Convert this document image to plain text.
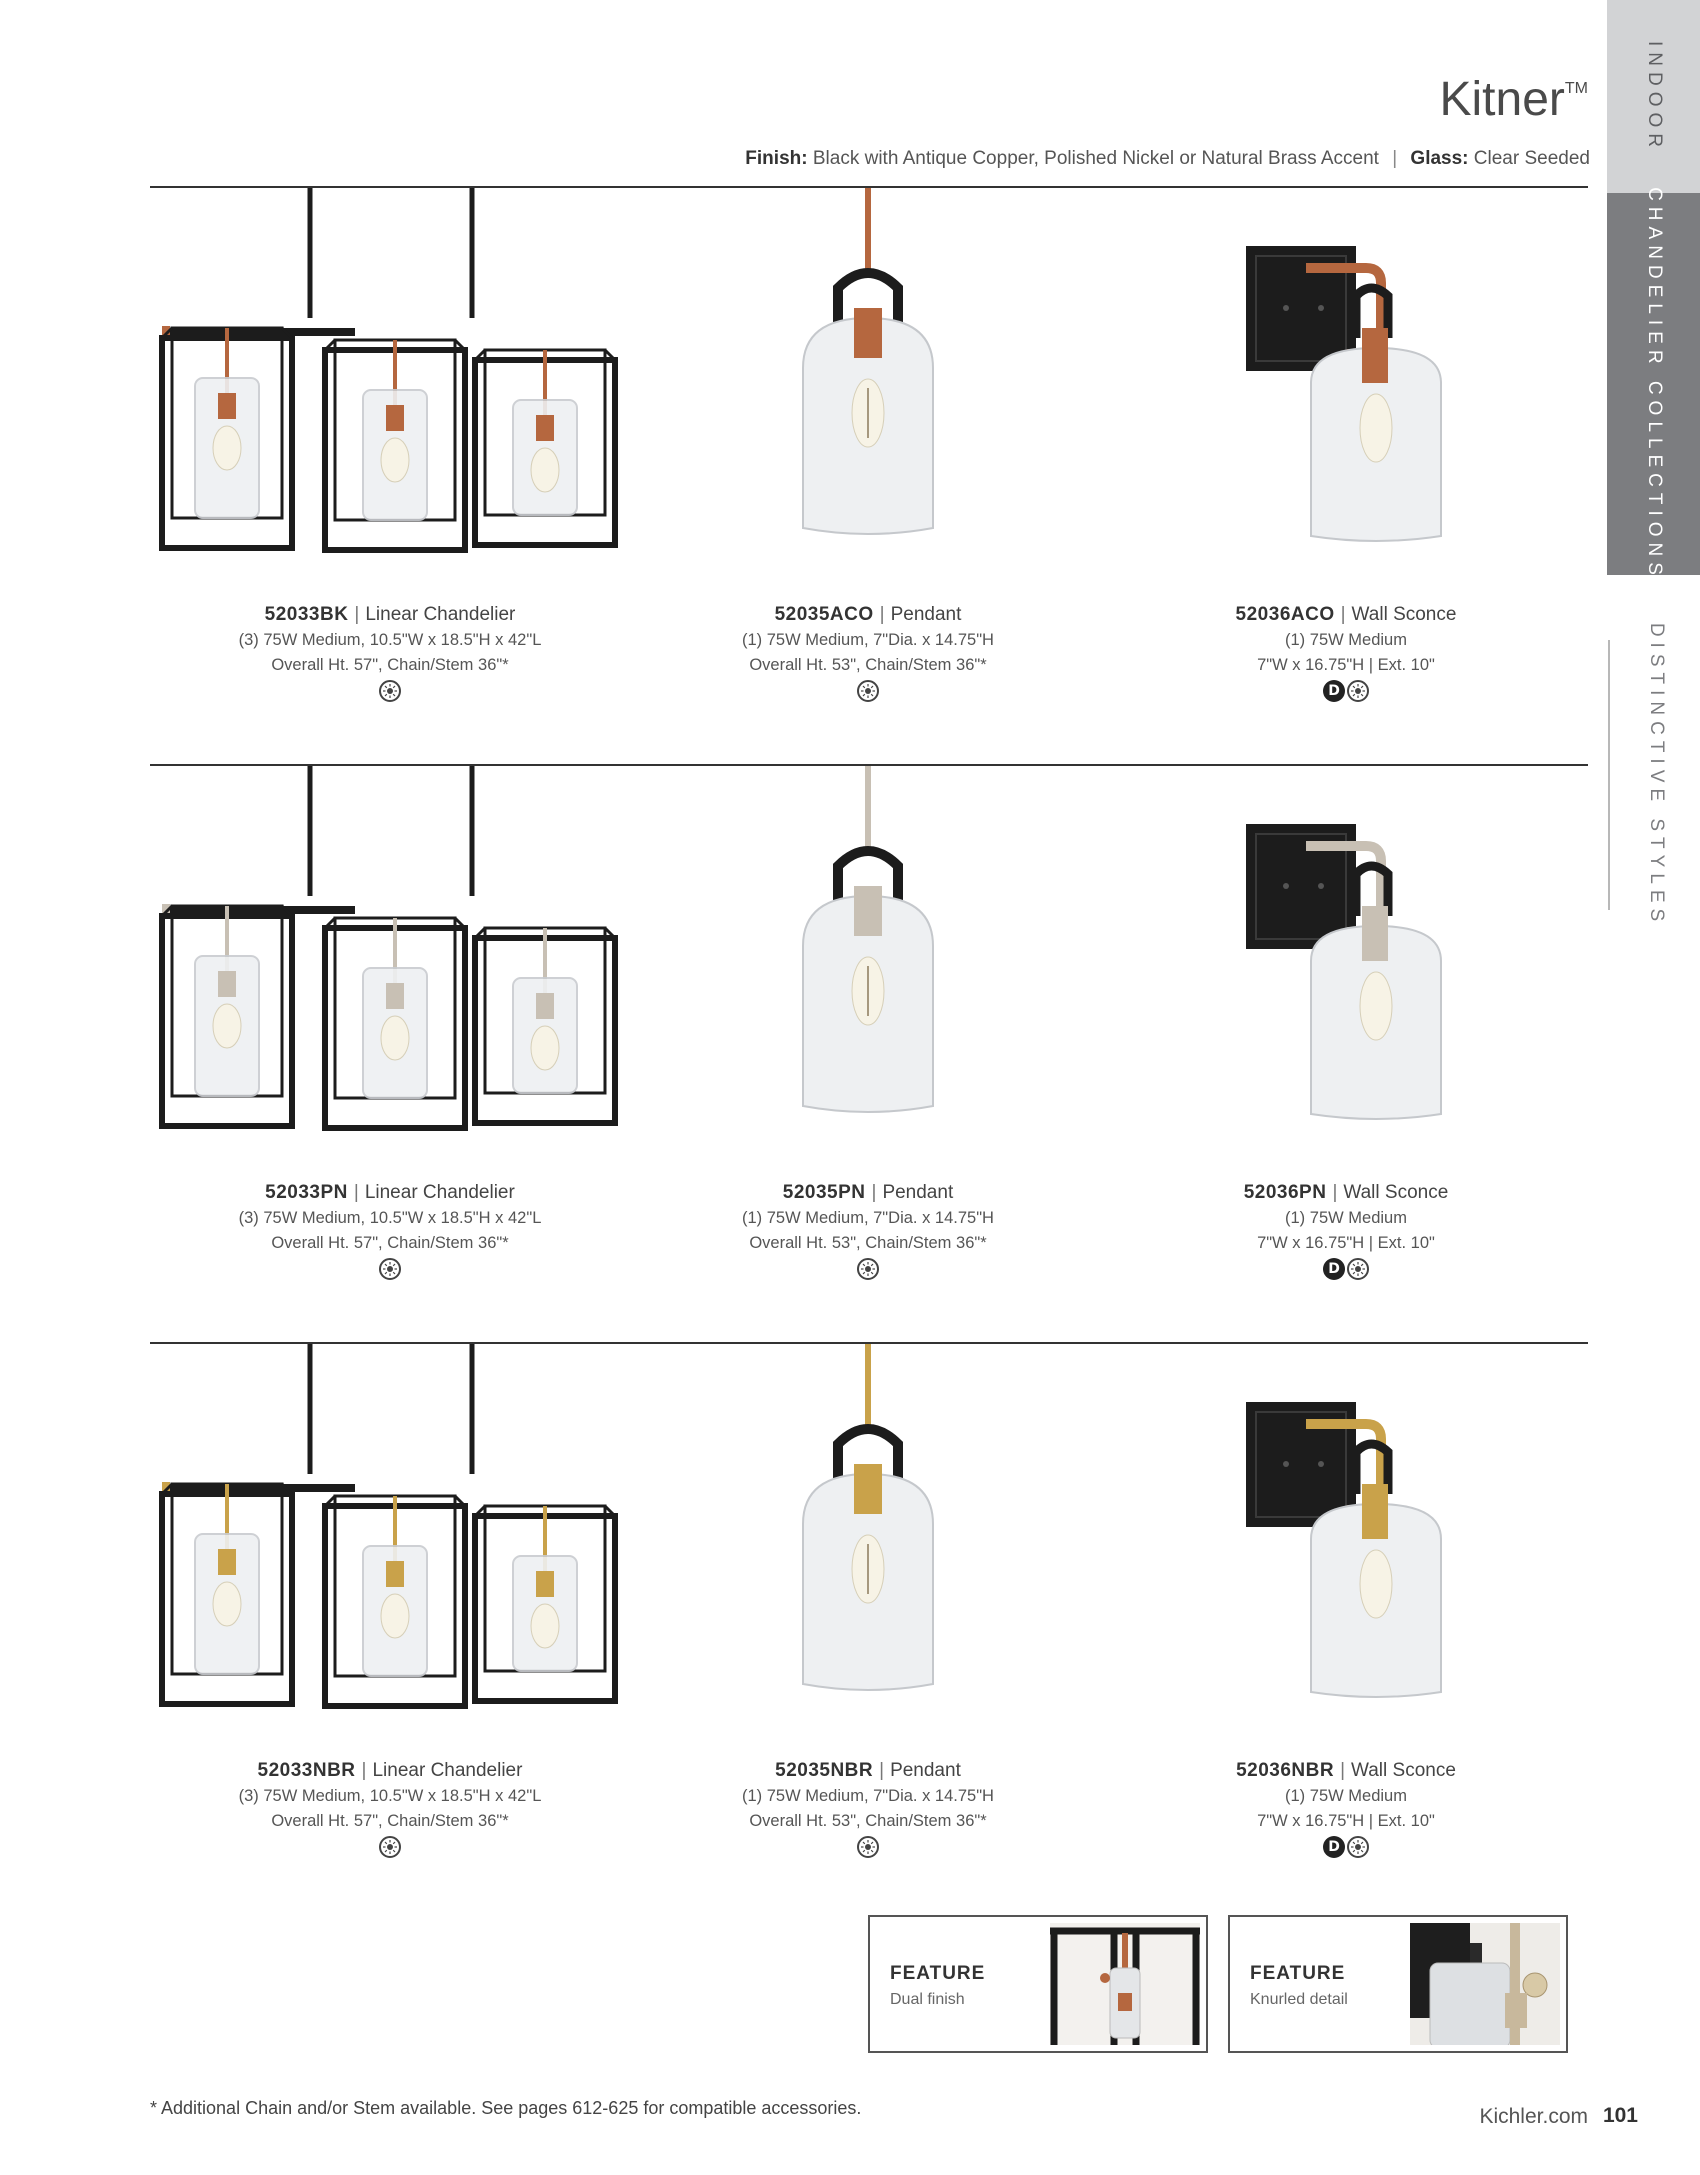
INDOOR
CHANDELIER COLLECTIONS
DISTINCTIVE STYLES
Kitner™
Finish: Black with Antique Copper, Polished Nickel or Natural Brass Accent | Glass: Clear Seeded
52033BK | Linear Chandelier
(3) 75W Medium, 10.5"W x 18.5"H x 42"L
Overall Ht. 57", Chain/Stem 36"*
52035ACO | Pendant
(1) 75W Medium, 7"Dia. x 14.75"H
Overall Ht. 53", Chain/Stem 36"*
52036ACO | Wall Sconce
(1) 75W Medium
7"W x 16.75"H | Ext. 10"
D
52033PN | Linear Chandelier
(3) 75W Medium, 10.5"W x 18.5"H x 42"L
Overall Ht. 57", Chain/Stem 36"*
52035PN | Pendant
(1) 75W Medium, 7"Dia. x 14.75"H
Overall Ht. 53", Chain/Stem 36"*
52036PN | Wall Sconce
(1) 75W Medium
7"W x 16.75"H | Ext. 10"
D
52033NBR | Linear Chandelier
(3) 75W Medium, 10.5"W x 18.5"H x 42"L
Overall Ht. 57", Chain/Stem 36"*
52035NBR | Pendant
(1) 75W Medium, 7"Dia. x 14.75"H
Overall Ht. 53", Chain/Stem 36"*
52036NBR | Wall Sconce
(1) 75W Medium
7"W x 16.75"H | Ext. 10"
D
FEATURE
Dual finish
FEATURE
Knurled detail
* Additional Chain and/or Stem available. See pages 612-625 for compatible accessories.	Kichler.com 101
